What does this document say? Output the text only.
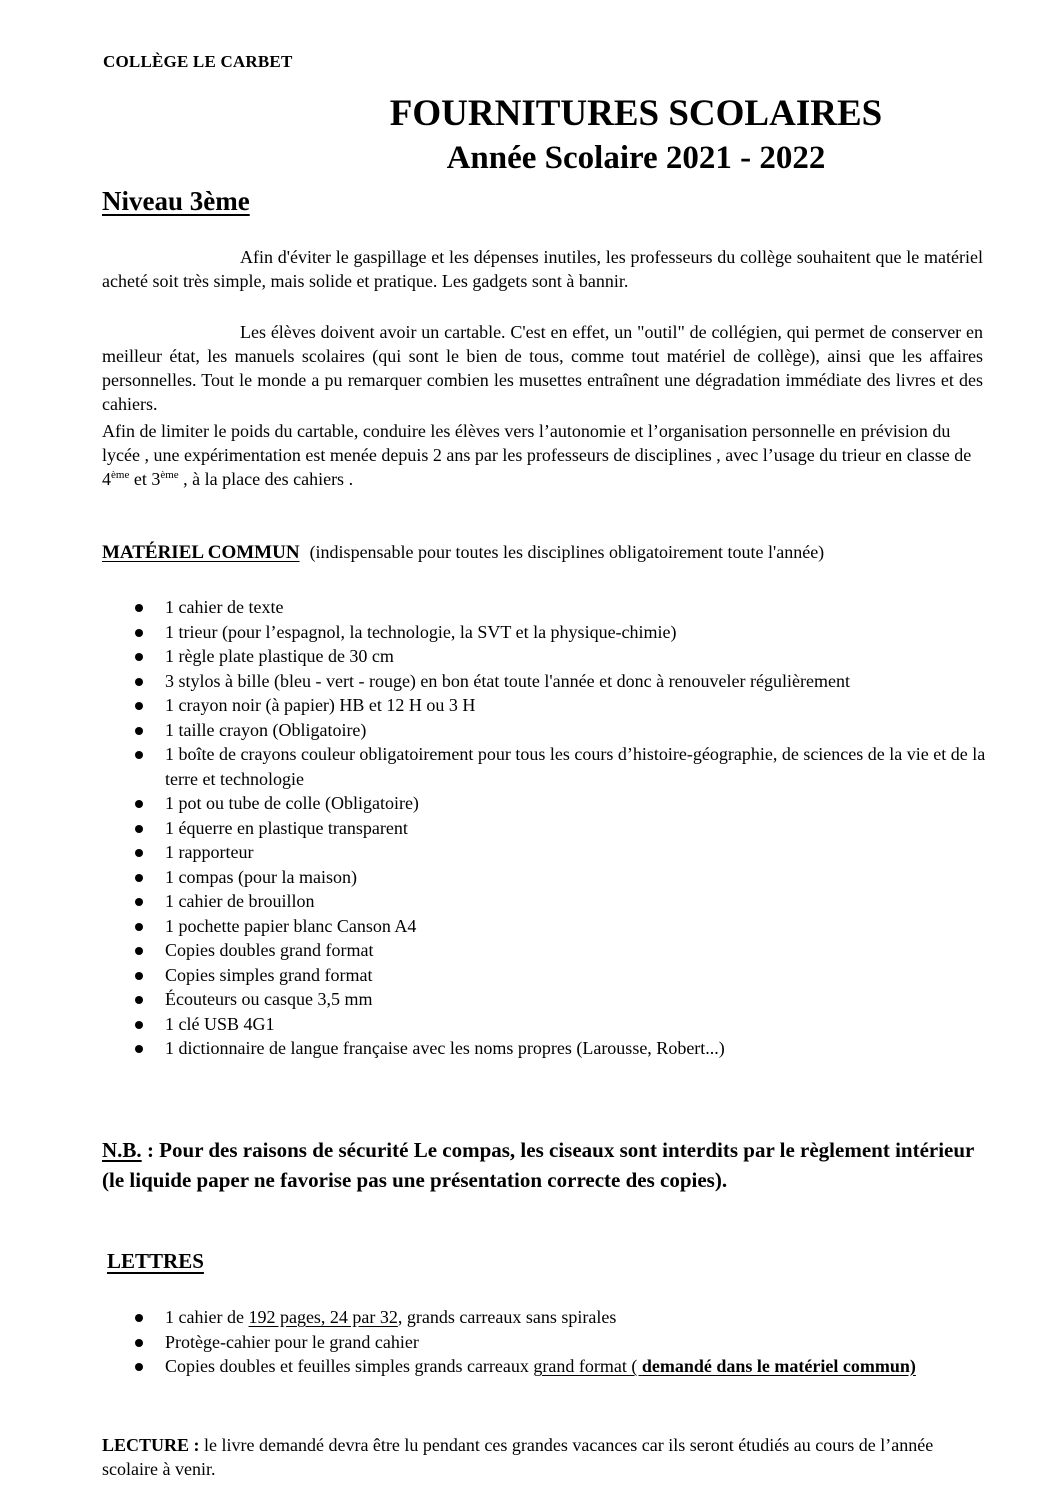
COLLÈGE LE CARBET
FOURNITURES SCOLAIRES
Année Scolaire 2021 - 2022
Niveau 3ème
Afin d'éviter le gaspillage et les dépenses inutiles, les professeurs du collège souhaitent que le matériel acheté soit très simple, mais solide et pratique. Les gadgets sont à bannir.
Les élèves doivent avoir un cartable. C'est en effet, un "outil" de collégien, qui permet de conserver en meilleur état, les manuels scolaires (qui sont le bien de tous, comme tout matériel de collège), ainsi que les affaires personnelles. Tout le monde a pu remarquer combien les musettes entraînent une dégradation immédiate des livres et des cahiers.
Afin de limiter le poids du cartable, conduire les élèves vers l’autonomie et l’organisation personnelle en prévision du lycée , une expérimentation est menée depuis 2 ans par les professeurs de disciplines , avec l’usage du trieur en classe de 4ème et 3ème , à la place des cahiers .
MATÉRIEL COMMUN (indispensable pour toutes les disciplines obligatoirement toute l'année)
1 cahier de texte
1 trieur (pour l’espagnol, la technologie, la SVT et la physique-chimie)
1 règle plate plastique de 30 cm
3 stylos à bille (bleu - vert - rouge) en bon état toute l'année et donc à renouveler régulièrement
1 crayon noir (à papier) HB et 12 H ou 3 H
1 taille crayon (Obligatoire)
1 boîte de crayons couleur obligatoirement pour tous les cours d’histoire-géographie, de sciences de la vie et de la terre et technologie
1 pot ou tube de colle (Obligatoire)
1 équerre en plastique transparent
1 rapporteur
1 compas (pour la maison)
1 cahier de brouillon
1 pochette papier blanc Canson A4
Copies doubles grand format
Copies simples grand format
Écouteurs ou casque 3,5 mm
1 clé USB 4G1
1 dictionnaire de langue française avec les noms propres (Larousse, Robert...)
N.B. : Pour des raisons de sécurité Le compas, les ciseaux sont interdits par le règlement intérieur (le liquide paper ne favorise pas une présentation correcte des copies).
LETTRES
1 cahier de 192 pages, 24 par 32, grands carreaux sans spirales
Protège-cahier pour le grand cahier
Copies doubles et feuilles simples grands carreaux grand format ( demandé dans le matériel commun)
LECTURE : le livre demandé devra être lu pendant ces grandes vacances car ils seront étudiés au cours de l’année scolaire à venir.
